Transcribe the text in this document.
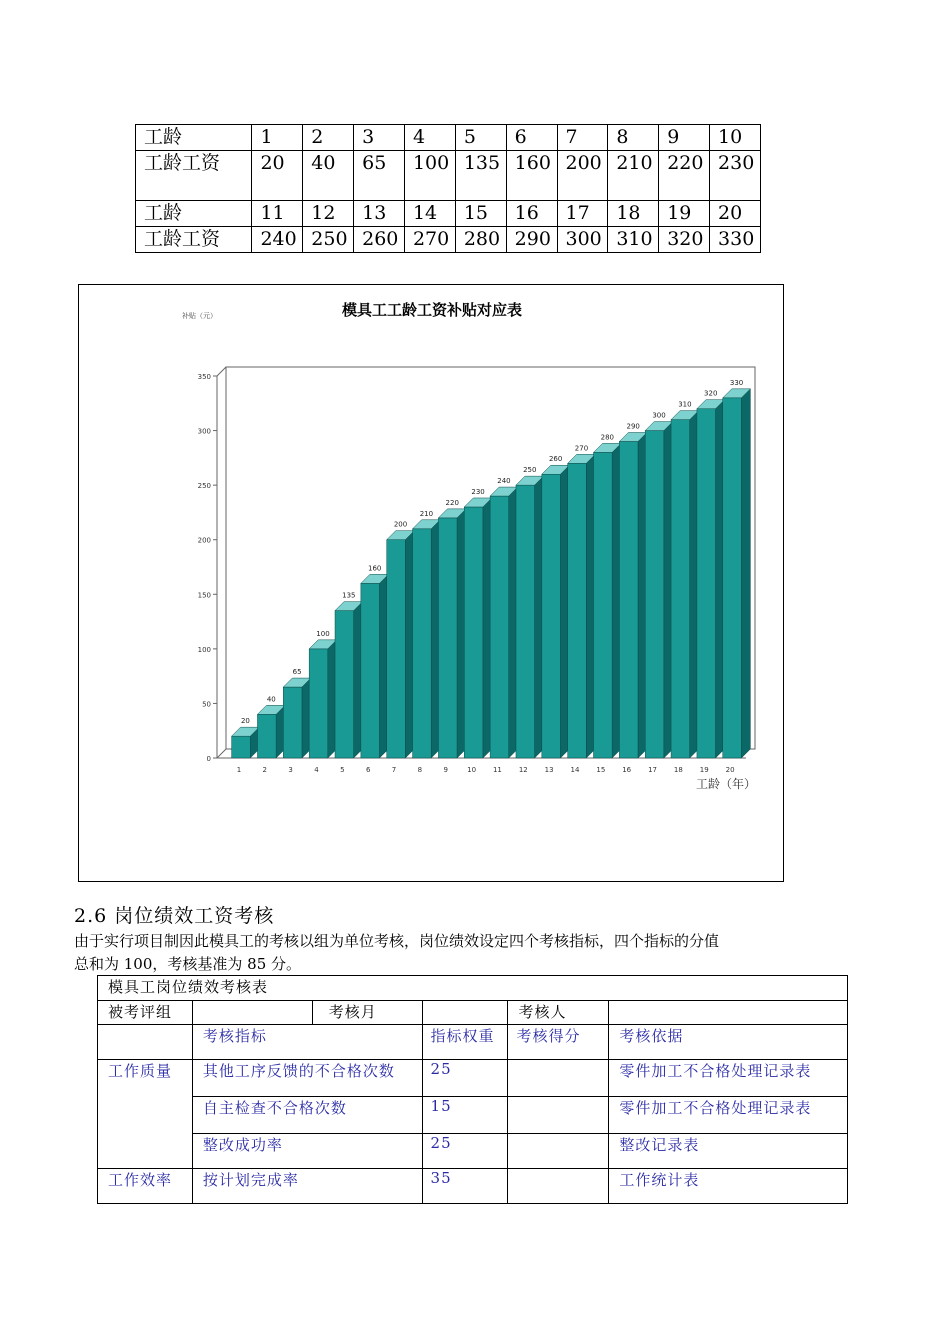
工龄	1	2	3	4	5	6	7	8	9	10
工龄工资	20	40	65	100	135	160	200	210	220	230
工龄	11	12	13	14	15	16	17	18	19	20
工龄工资	240	250	260	270	280	290	300	310	320	330
模具工工龄工资补贴对应表
补贴（元）
工龄（年）
0
50
100
150
200
250
300
350
20
1
40
2
65
3
100
4
135
5
160
6
200
7
210
8
220
9
230
10
240
11
250
12
260
13
270
14
280
15
290
16
300
17
310
18
320
19
330
20
2.6 岗位绩效工资考核
由于实行项目制因此模具工的考核以组为单位考核，岗位绩效设定四个考核指标，四个指标的分值
总和为 100，考核基准为 85 分。
模具工岗位绩效考核表					
被考评组		考核月		考核人	
	考核指标		指标权重	考核得分	考核依据
工作质量	其他工序反馈的不合格次数		25		零件加工不合格处理记录表
	自主检查不合格次数		15		零件加工不合格处理记录表
	整改成功率		25		整改记录表
工作效率	按计划完成率		35		工作统计表
